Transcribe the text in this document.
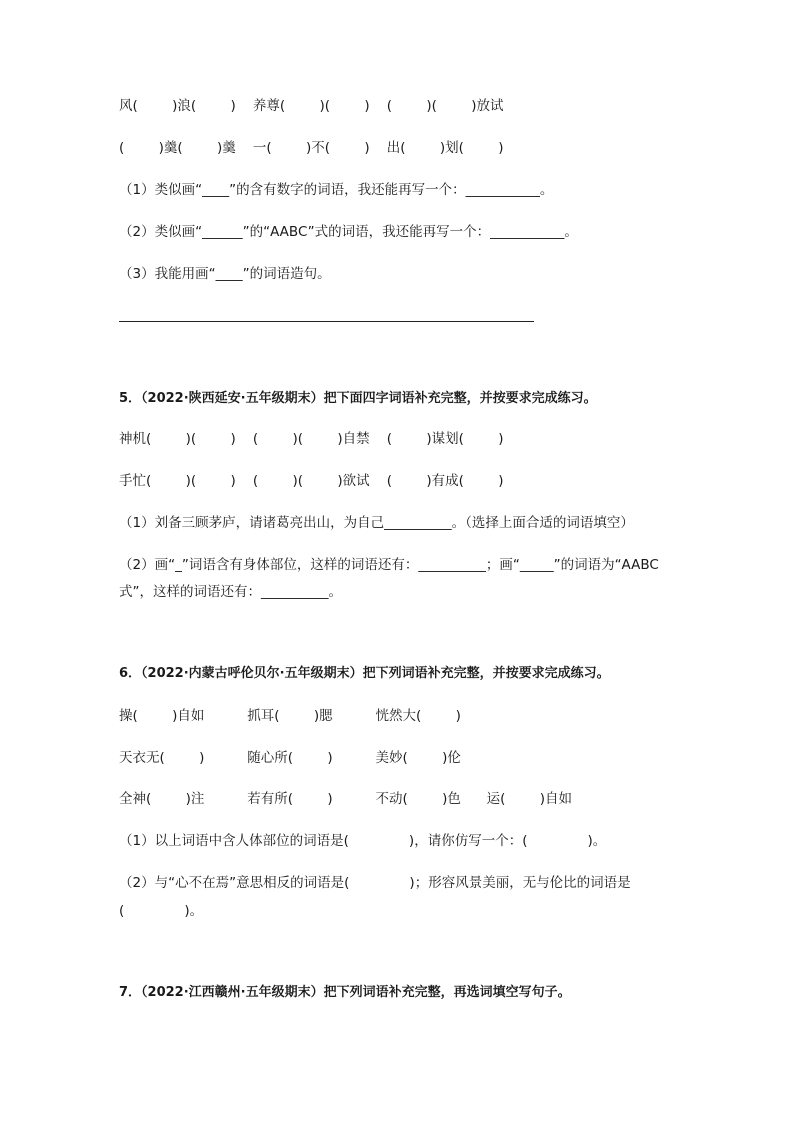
风(        )浪(        )    养尊(        )(        )    (        )(        )放试
(        )羹(        )羹    一(        )不(        )    出(        )划(        )
（1）类似画“____”的含有数字的词语，我还能再写一个：___________。
（2）类似画“______”的“AABC”式的词语，我还能再写一个：___________。
（3）我能用画“____”的词语造句。
5．（2022·陕西延安·五年级期末）把下面四字词语补充完整，并按要求完成练习。
神机(        )(        )    (        )(        )自禁    (        )谋划(        )
手忙(        )(        )    (        )(        )欲试    (        )有成(        )
（1）刘备三顾茅庐，请诸葛亮出山，为自己__________。（选择上面合适的词语填空）
（2）画“_”词语含有身体部位，这样的词语还有：__________；画“_____”的词语为“AABC
式”，这样的词语还有：__________。
6．（2022·内蒙古呼伦贝尔·五年级期末）把下列词语补充完整，并按要求完成练习。
操(        )自如          抓耳(        )腮          恍然大(        )
天衣无(        )          随心所(        )          美妙(        )伦
全神(        )注          若有所(        )          不动(        )色      运(        )自如
（1）以上词语中含人体部位的词语是(              )，请你仿写一个：(              )。
（2）与“心不在焉”意思相反的词语是(              )；形容风景美丽，无与伦比的词语是
(              )。
7．（2022·江西赣州·五年级期末）把下列词语补充完整，再选词填空写句子。
